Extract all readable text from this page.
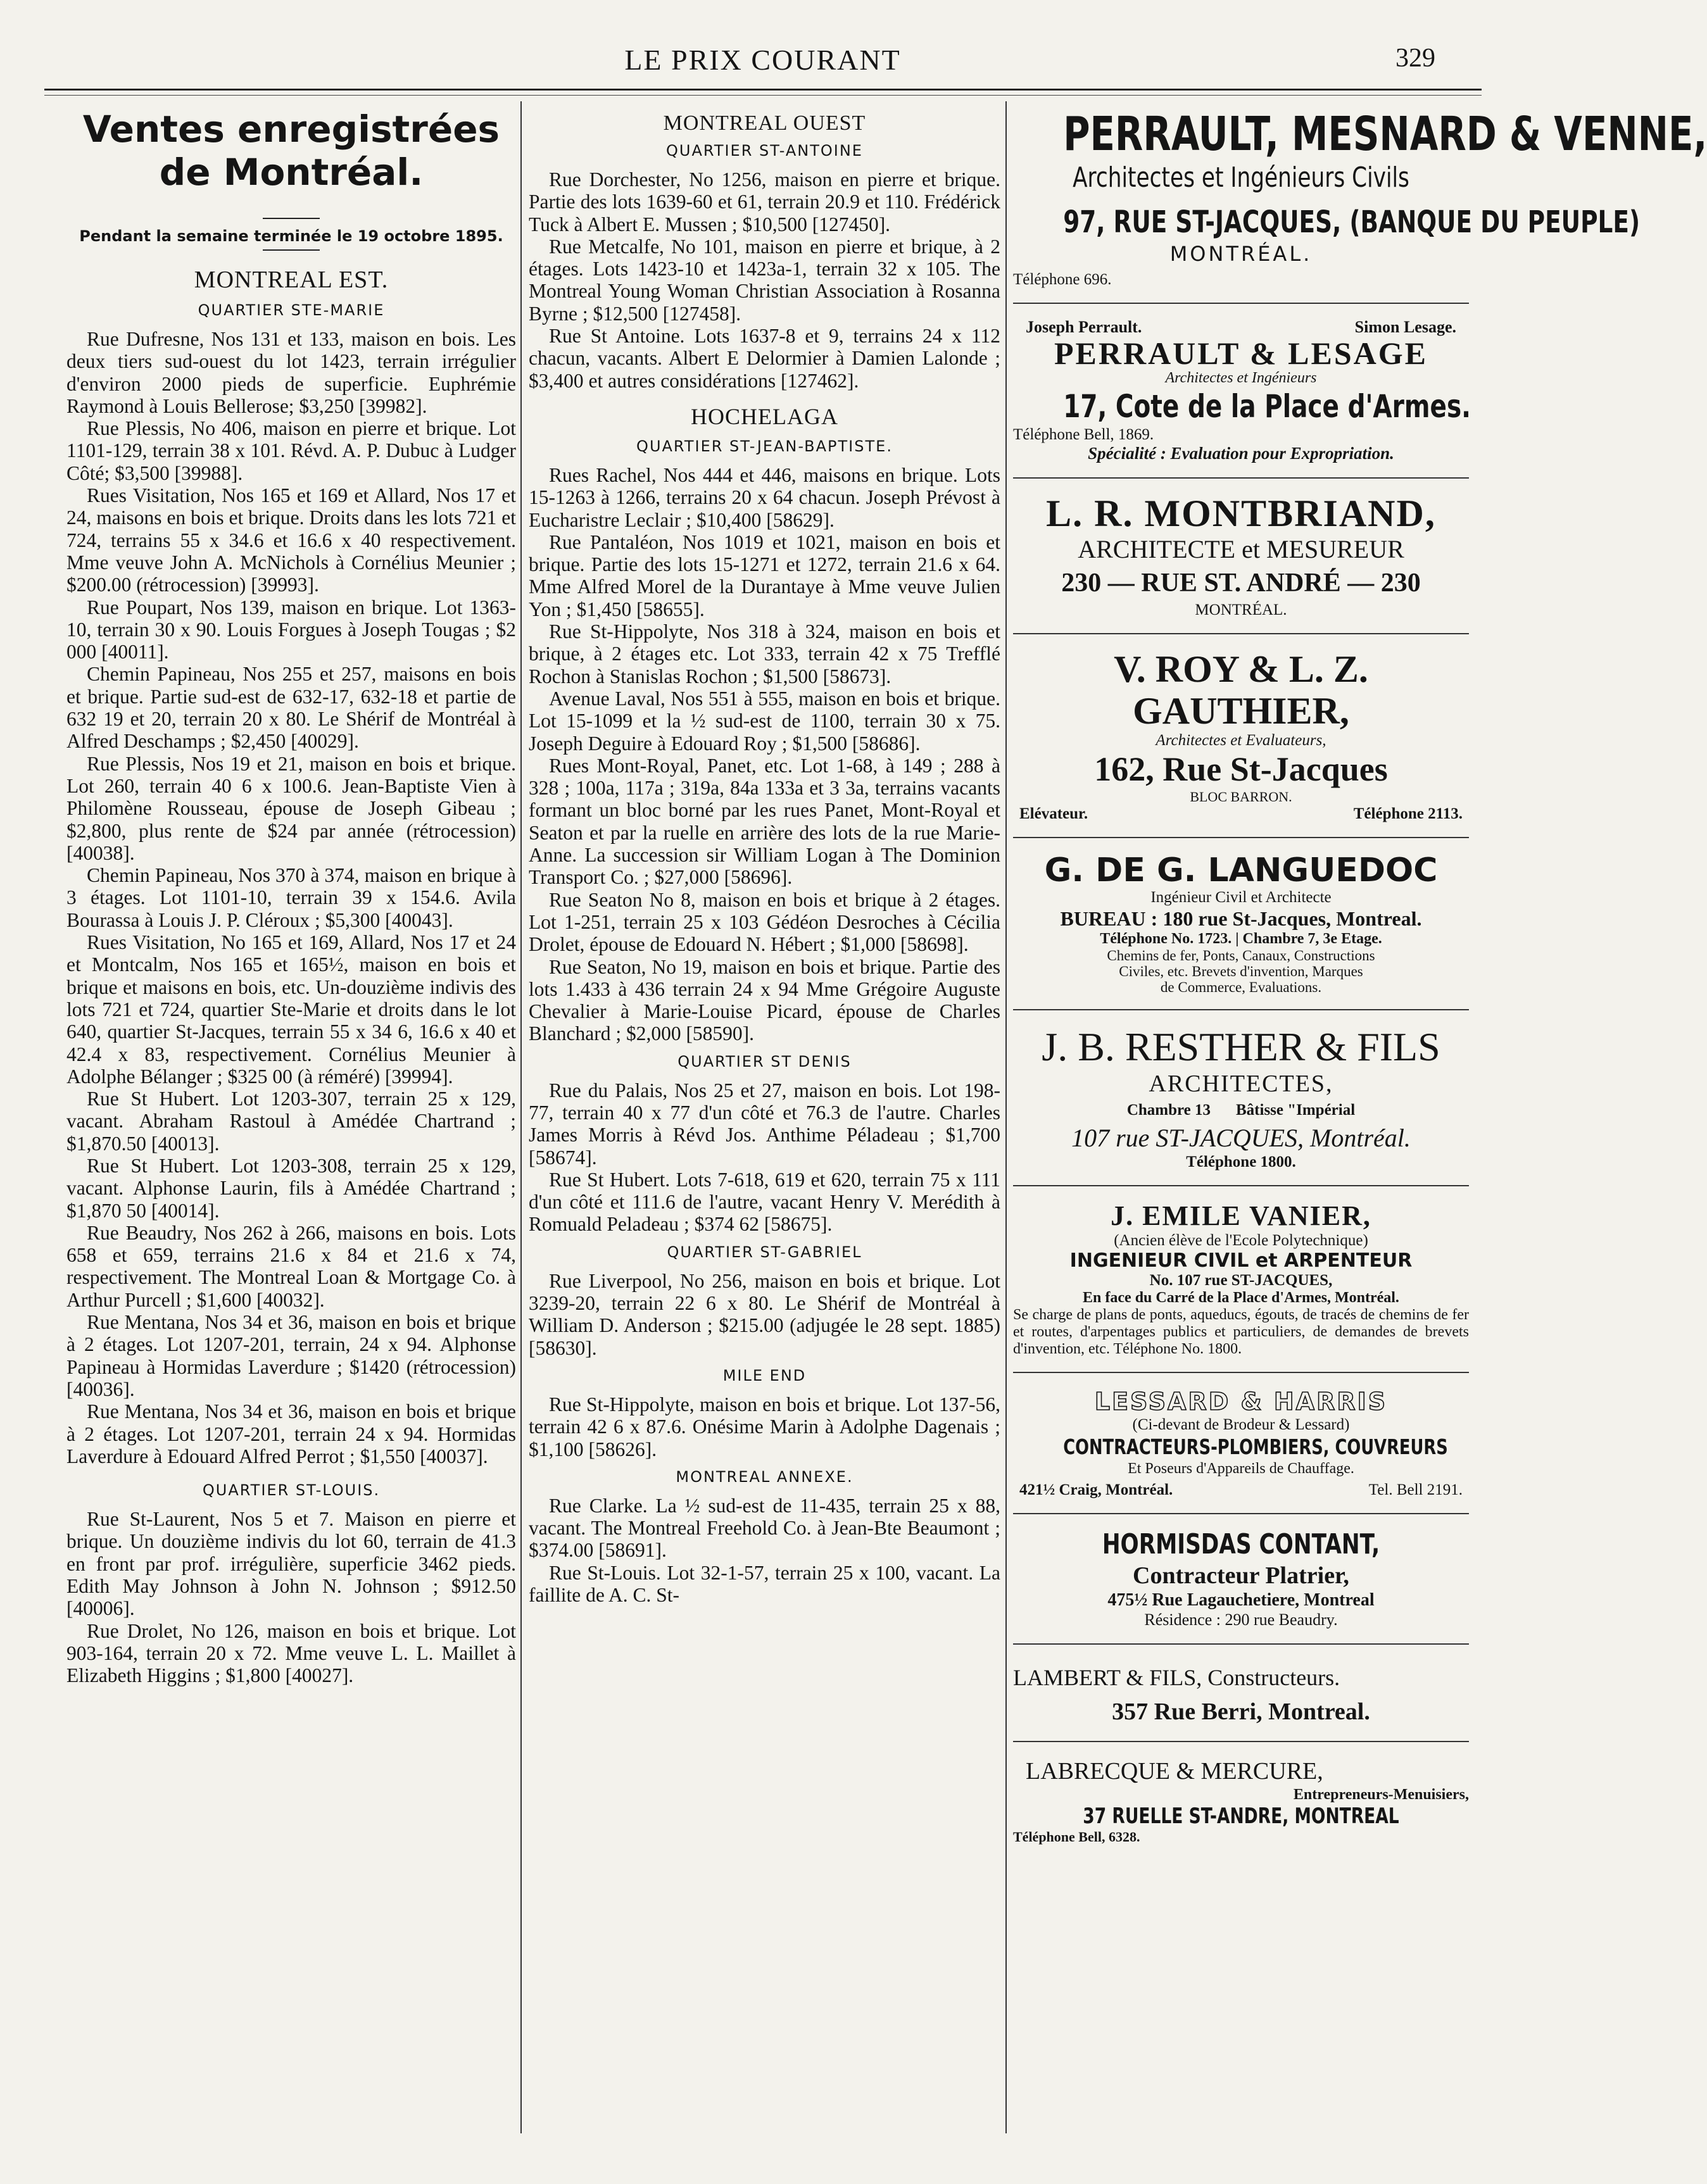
LE PRIX COURANT	329
Ventes enregistrées
de Montréal.
Pendant la semaine terminée le 19 octobre 1895.
MONTREAL EST.
QUARTIER STE-MARIE

Rue Dufresne, Nos 131 et 133, maison en bois. Les deux tiers sud-ouest du lot 1423, terrain irrégulier d'environ 2000 pieds de superficie. Euphrémie Raymond à Louis Bellerose; $3,250 [39982].

Rue Plessis, No 406, maison en pierre et brique. Lot 1101-129, terrain 38 x 101. Révd. A. P. Dubuc à Ludger Côté; $3,500 [39988].

Rues Visitation, Nos 165 et 169 et Allard, Nos 17 et 24, maisons en bois et brique. Droits dans les lots 721 et 724, terrains 55 x 34.6 et 16.6 x 40 respectivement. Mme veuve John A. McNichols à Cornélius Meunier ; $200.00 (rétrocession) [39993].

Rue Poupart, Nos 139, maison en brique. Lot 1363-10, terrain 30 x 90. Louis Forgues à Joseph Tougas ; $2 000 [40011].

Chemin Papineau, Nos 255 et 257, maisons en bois et brique. Partie sud-est de 632-17, 632-18 et partie de 632 19 et 20, terrain 20 x 80. Le Shérif de Montréal à Alfred Deschamps ; $2,450 [40029].

Rue Plessis, Nos 19 et 21, maison en bois et brique. Lot 260, terrain 40 6 x 100.6. Jean-Baptiste Vien à Philomène Rousseau, épouse de Joseph Gibeau ; $2,800, plus rente de $24 par année (rétrocession) [40038].

Chemin Papineau, Nos 370 à 374, maison en brique à 3 étages. Lot 1101-10, terrain 39 x 154.6. Avila Bourassa à Louis J. P. Cléroux ; $5,300 [40043].

Rues Visitation, No 165 et 169, Allard, Nos 17 et 24 et Montcalm, Nos 165 et 165½, maison en bois et brique et maisons en bois, etc. Un-douzième indivis des lots 721 et 724, quartier Ste-Marie et droits dans le lot 640, quartier St-Jacques, terrain 55 x 34 6, 16.6 x 40 et 42.4 x 83, respectivement. Cornélius Meunier à Adolphe Bélanger ; $325 00 (à réméré) [39994].

Rue St Hubert. Lot 1203-307, terrain 25 x 129, vacant. Abraham Rastoul à Amédée Chartrand ; $1,870.50 [40013].

Rue St Hubert. Lot 1203-308, terrain 25 x 129, vacant. Alphonse Laurin, fils à Amédée Chartrand ; $1,870 50 [40014].

Rue Beaudry, Nos 262 à 266, maisons en bois. Lots 658 et 659, terrains 21.6 x 84 et 21.6 x 74, respectivement. The Montreal Loan & Mortgage Co. à Arthur Purcell ; $1,600 [40032].

Rue Mentana, Nos 34 et 36, maison en bois et brique à 2 étages. Lot 1207-201, terrain, 24 x 94. Alphonse Papineau à Hormidas Laverdure ; $1420 (rétrocession) [40036].

Rue Mentana, Nos 34 et 36, maison en bois et brique à 2 étages. Lot 1207-201, terrain 24 x 94. Hormidas Laverdure à Edouard Alfred Perrot ; $1,550 [40037].

QUARTIER ST-LOUIS.

Rue St-Laurent, Nos 5 et 7. Maison en pierre et brique. Un douzième indivis du lot 60, terrain de 41.3 en front par prof. irrégulière, superficie 3462 pieds. Edith May Johnson à John N. Johnson ; $912.50 [40006].

Rue Drolet, No 126, maison en bois et brique. Lot 903-164, terrain 20 x 72. Mme veuve L. L. Maillet à Elizabeth Higgins ; $1,800 [40027].

MONTREAL OUEST
QUARTIER ST-ANTOINE

Rue Dorchester, No 1256, maison en pierre et brique. Partie des lots 1639-60 et 61, terrain 20.9 et 110. Frédérick Tuck à Albert E. Mussen ; $10,500 [127450].

Rue Metcalfe, No 101, maison en pierre et brique, à 2 étages. Lots 1423-10 et 1423a-1, terrain 32 x 105. The Montreal Young Woman Christian Association à Rosanna Byrne ; $12,500 [127458].

Rue St Antoine. Lots 1637-8 et 9, terrains 24 x 112 chacun, vacants. Albert E Delormier à Damien Lalonde ; $3,400 et autres considérations [127462].

HOCHELAGA
QUARTIER ST-JEAN-BAPTISTE.

Rues Rachel, Nos 444 et 446, maisons en brique. Lots 15-1263 à 1266, terrains 20 x 64 chacun. Joseph Prévost à Eucharistre Leclair ; $10,400 [58629].

Rue Pantaléon, Nos 1019 et 1021, maison en bois et brique. Partie des lots 15-1271 et 1272, terrain 21.6 x 64. Mme Alfred Morel de la Durantaye à Mme veuve Julien Yon ; $1,450 [58655].

Rue St-Hippolyte, Nos 318 à 324, maison en bois et brique, à 2 étages etc. Lot 333, terrain 42 x 75 Trefflé Rochon à Stanislas Rochon ; $1,500 [58673].

Avenue Laval, Nos 551 à 555, maison en bois et brique. Lot 15-1099 et la ½ sud-est de 1100, terrain 30 x 75. Joseph Deguire à Edouard Roy ; $1,500 [58686].

Rues Mont-Royal, Panet, etc. Lot 1-68, à 149 ; 288 à 328 ; 100a, 117a ; 319a, 84a 133a et 3 3a, terrains vacants formant un bloc borné par les rues Panet, Mont-Royal et Seaton et par la ruelle en arrière des lots de la rue Marie-Anne. La succession sir William Logan à The Dominion Transport Co. ; $27,000 [58696].

Rue Seaton No 8, maison en bois et brique à 2 étages. Lot 1-251, terrain 25 x 103 Gédéon Desroches à Cécilia Drolet, épouse de Edouard N. Hébert ; $1,000 [58698].

Rue Seaton, No 19, maison en bois et brique. Partie des lots 1.433 à 436 terrain 24 x 94 Mme Grégoire Auguste Chevalier à Marie-Louise Picard, épouse de Charles Blanchard ; $2,000 [58590].

QUARTIER ST DENIS

Rue du Palais, Nos 25 et 27, maison en bois. Lot 198-77, terrain 40 x 77 d'un côté et 76.3 de l'autre. Charles James Morris à Révd Jos. Anthime Péladeau ; $1,700 [58674].

Rue St Hubert. Lots 7-618, 619 et 620, terrain 75 x 111 d'un côté et 111.6 de l'autre, vacant Henry V. Merédith à Romuald Peladeau ; $374 62 [58675].

QUARTIER ST-GABRIEL

Rue Liverpool, No 256, maison en bois et brique. Lot 3239-20, terrain 22 6 x 80. Le Shérif de Montréal à William D. Anderson ; $215.00 (adjugée le 28 sept. 1885) [58630].

MILE END

Rue St-Hippolyte, maison en bois et brique. Lot 137-56, terrain 42 6 x 87.6. Onésime Marin à Adolphe Dagenais ; $1,100 [58626].

MONTREAL ANNEXE.

Rue Clarke. La ½ sud-est de 11-435, terrain 25 x 88, vacant. The Montreal Freehold Co. à Jean-Bte Beaumont ; $374.00 [58691].

Rue St-Louis. Lot 32-1-57, terrain 25 x 100, vacant. La faillite de A. C. St-

PERRAULT, MESNARD & VENNE,
Architectes et Ingénieurs Civils
97, RUE ST-JACQUES, (BANQUE DU PEUPLE)
MONTRÉAL.
Téléphone 696.
Joseph Perrault.	Simon Lesage.
PERRAULT & LESAGE
Architectes et Ingénieurs
17, Cote de la Place d'Armes.
Téléphone Bell, 1869.
Spécialité : Evaluation pour Expropriation.
L. R. MONTBRIAND,
ARCHITECTE et MESUREUR
230 — RUE ST. ANDRÉ — 230
MONTRÉAL.
V. ROY & L. Z. GAUTHIER,
Architectes et Evaluateurs,
162, Rue St-Jacques
BLOC BARRON.
Elévateur.	Téléphone 2113.
G. DE G. LANGUEDOC
Ingénieur Civil et Architecte
BUREAU : 180 rue St-Jacques, Montreal.
Téléphone No. 1723. | Chambre 7, 3e Etage.
Chemins de fer, Ponts, Canaux, Constructions
Civiles, etc. Brevets d'invention, Marques
de Commerce, Evaluations.
J. B. RESTHER & FILS
ARCHITECTES,
Chambre 13 Bâtisse "Impérial
107 rue ST-JACQUES, Montréal.
Téléphone 1800.
J. EMILE VANIER,
(Ancien élève de l'Ecole Polytechnique)
INGENIEUR CIVIL et ARPENTEUR
No. 107 rue ST-JACQUES,
En face du Carré de la Place d'Armes, Montréal.
Se charge de plans de ponts, aqueducs, égouts, de tracés de chemins de fer et routes, d'arpentages publics et particuliers, de demandes de brevets d'invention, etc. Téléphone No. 1800.
LESSARD & HARRIS
(Ci-devant de Brodeur & Lessard)
CONTRACTEURS-PLOMBIERS, COUVREURS
Et Poseurs d'Appareils de Chauffage.
421½ Craig, Montréal.	Tel. Bell 2191.
HORMISDAS CONTANT,
Contracteur Platrier,
475½ Rue Lagauchetiere, Montreal
Résidence : 290 rue Beaudry.
LAMBERT & FILS, Constructeurs.
357 Rue Berri, Montreal.
LABRECQUE & MERCURE,
Entrepreneurs-Menuisiers,
37 RUELLE ST-ANDRE, MONTREAL
Téléphone Bell, 6328.
